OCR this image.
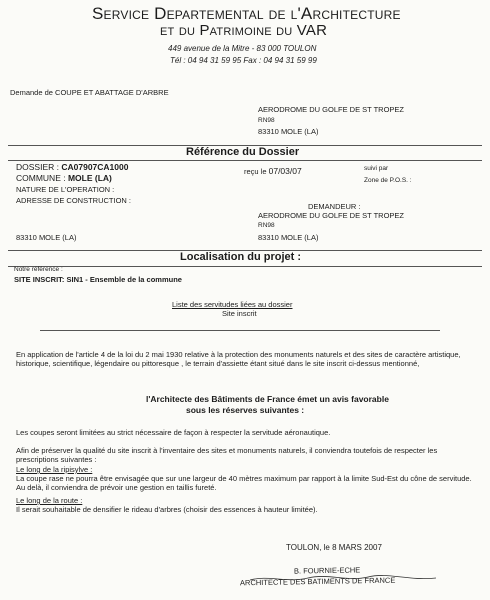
Service Departemental de l'Architecture
et du Patrimoine du VAR
449 avenue de la Mitre - 83 000 TOULON
Tél : 04 94 31 59 95 Fax : 04 94 31 59 99
Demande de COUPE ET ABATTAGE D'ARBRE
AERODROME DU GOLFE DE ST TROPEZ
RN98
83310 MOLE (LA)
Référence du Dossier
DOSSIER : CA07907CA1000
COMMUNE : MOLE (LA)
NATURE DE L'OPERATION :
ADRESSE DE CONSTRUCTION :
reçu le 07/03/07	suivi par
Zone de P.O.S. :
DEMANDEUR :
AERODROME DU GOLFE DE ST TROPEZ
RN98
83310 MOLE (LA)
83310 MOLE (LA)
Localisation du projet :
Notre référence :
SITE INSCRIT: SIN1 - Ensemble de la commune
Liste des servitudes liées au dossier
Site inscrit
En application de l'article 4 de la loi du 2 mai 1930 relative à la protection des monuments naturels et des sites de caractère artistique, historique, scientifique, légendaire ou pittoresque , le terrain d'assiette étant situé dans le site inscrit ci-dessus mentionné,
l'Architecte des Bâtiments de France émet un avis favorable
sous les réserves suivantes :
Les coupes seront limitées au strict nécessaire de façon à respecter la servitude aéronautique.
Afin de préserver la qualité du site inscrit à l'inventaire des sites et monuments naturels, il conviendra toutefois de respecter les prescriptions suivantes :
Le long de la ripisylve :
La coupe rase ne pourra être envisagée que sur une largeur de 40 mètres maximum par rapport à la limite Sud-Est du cône de servitude. Au delà, il conviendra de prévoir une gestion en taillis fureté.
Le long de la route :
Il serait souhaitable de densifier le rideau d'arbres (choisir des essences à hauteur limitée).
TOULON, le 8 MARS 2007
B. FOURNIE-ECHE
ARCHITECTE DES BATIMENTS DE FRANCE
